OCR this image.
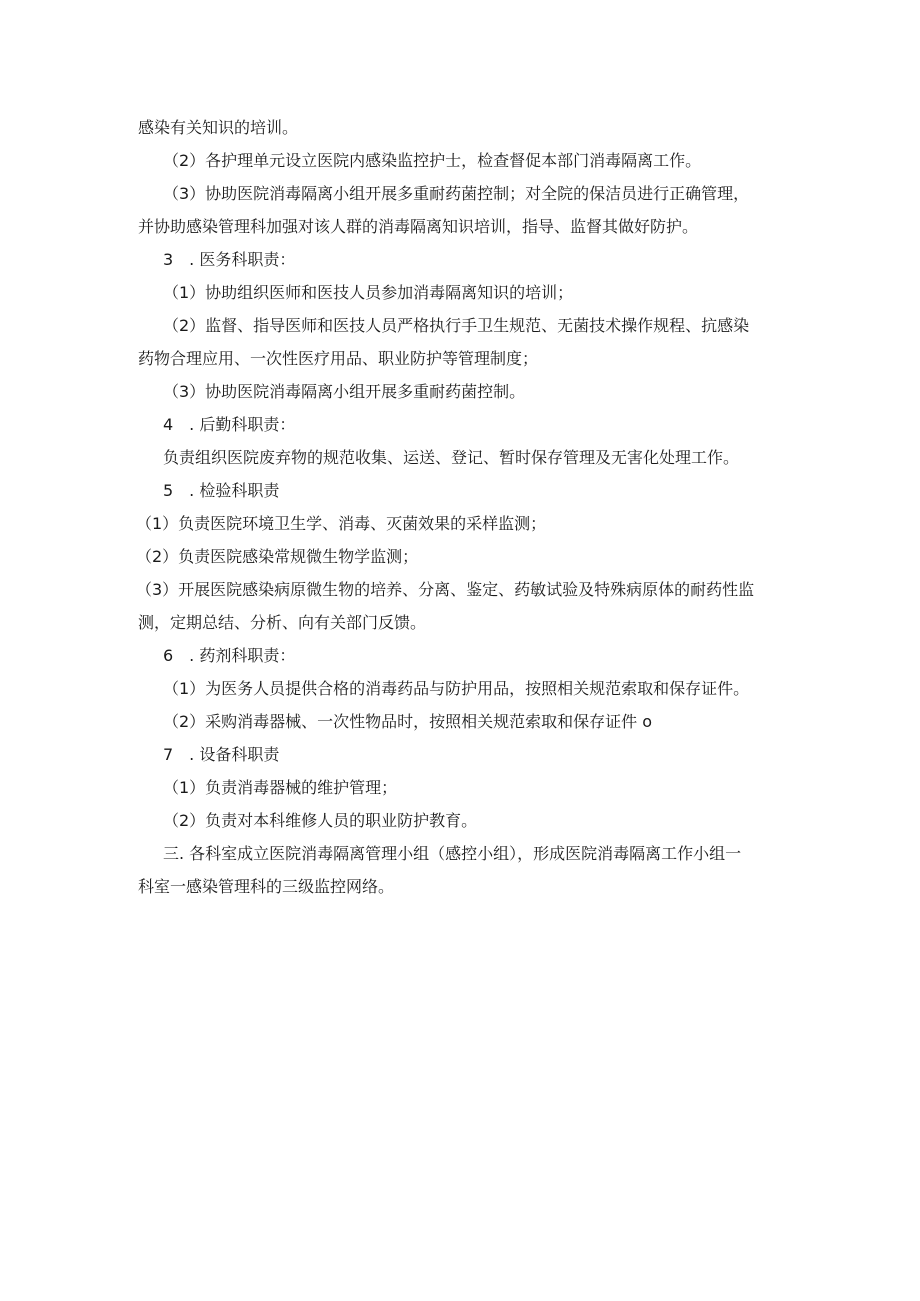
感染有关知识的培训。
（2）各护理单元设立医院内感染监控护士，检查督促本部门消毒隔离工作。
（3）协助医院消毒隔离小组开展多重耐药菌控制；对全院的保洁员进行正确管理，
并协助感染管理科加强对该人群的消毒隔离知识培训，指导、监督其做好防护。
3　. 医务科职责：
（1）协助组织医师和医技人员参加消毒隔离知识的培训；
（2）监督、指导医师和医技人员严格执行手卫生规范、无菌技术操作规程、抗感染
药物合理应用、一次性医疗用品、职业防护等管理制度；
（3）协助医院消毒隔离小组开展多重耐药菌控制。
4　. 后勤科职责：
负责组织医院废弃物的规范收集、运送、登记、暂时保存管理及无害化处理工作。
5　. 检验科职责
（1）负责医院环境卫生学、消毒、灭菌效果的采样监测；
（2）负责医院感染常规微生物学监测；
（3）开展医院感染病原微生物的培养、分离、鉴定、药敏试验及特殊病原体的耐药性监
测，定期总结、分析、向有关部门反馈。
6　. 药剂科职责：
（1）为医务人员提供合格的消毒药品与防护用品，按照相关规范索取和保存证件。
（2）采购消毒器械、一次性物品时，按照相关规范索取和保存证件 o
7　. 设备科职责
（1）负责消毒器械的维护管理；
（2）负责对本科维修人员的职业防护教育。
三. 各科室成立医院消毒隔离管理小组（感控小组），形成医院消毒隔离工作小组一
科室一感染管理科的三级监控网络。
